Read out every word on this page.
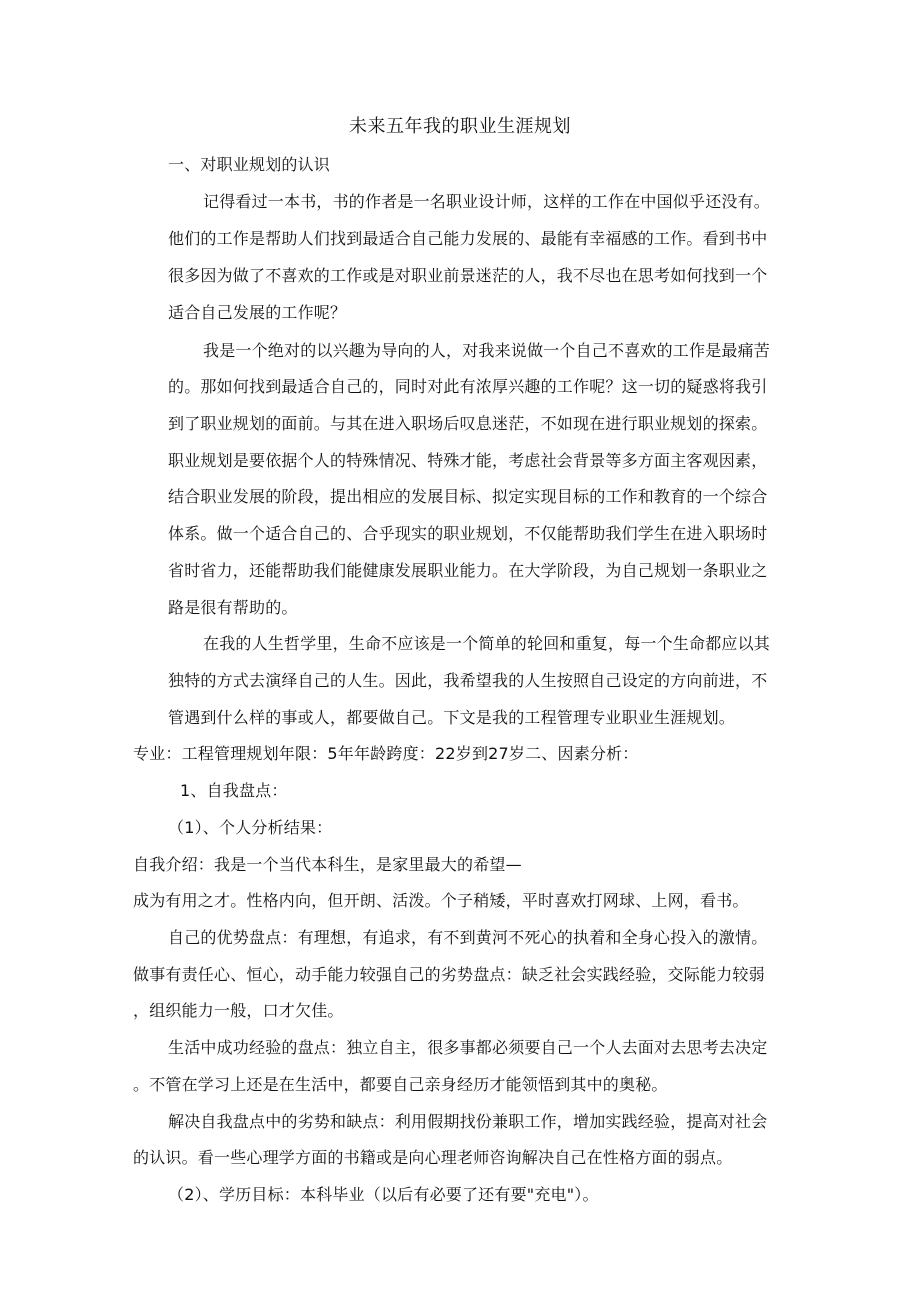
未来五年我的职业生涯规划
一、对职业规划的认识
记得看过一本书，书的作者是一名职业设计师，这样的工作在中国似乎还没有。
他们的工作是帮助人们找到最适合自己能力发展的、最能有幸福感的工作。看到书中
很多因为做了不喜欢的工作或是对职业前景迷茫的人，我不尽也在思考如何找到一个
适合自己发展的工作呢？
我是一个绝对的以兴趣为导向的人，对我来说做一个自己不喜欢的工作是最痛苦
的。那如何找到最适合自己的，同时对此有浓厚兴趣的工作呢？这一切的疑惑将我引
到了职业规划的面前。与其在进入职场后叹息迷茫，不如现在进行职业规划的探索。
职业规划是要依据个人的特殊情况、特殊才能，考虑社会背景等多方面主客观因素，
结合职业发展的阶段，提出相应的发展目标、拟定实现目标的工作和教育的一个综合
体系。做一个适合自己的、合乎现实的职业规划，不仅能帮助我们学生在进入职场时
省时省力，还能帮助我们能健康发展职业能力。在大学阶段，为自己规划一条职业之
路是很有帮助的。
在我的人生哲学里，生命不应该是一个简单的轮回和重复，每一个生命都应以其
独特的方式去演绎自己的人生。因此，我希望我的人生按照自己设定的方向前进，不
管遇到什么样的事或人，都要做自己。下文是我的工程管理专业职业生涯规划。
专业：工程管理规划年限：5年年龄跨度：22岁到27岁二、因素分析：
1、自我盘点：
（1）、个人分析结果：
自我介绍：我是一个当代本科生，是家里最大的希望—
成为有用之才。性格内向，但开朗、活泼。个子稍矮，平时喜欢打网球、上网，看书。
自己的优势盘点：有理想，有追求，有不到黄河不死心的执着和全身心投入的激情。
做事有责任心、恒心，动手能力较强自己的劣势盘点：缺乏社会实践经验，交际能力较弱
，组织能力一般，口才欠佳。
生活中成功经验的盘点：独立自主，很多事都必须要自己一个人去面对去思考去决定
。不管在学习上还是在生活中，都要自己亲身经历才能领悟到其中的奥秘。
解决自我盘点中的劣势和缺点：利用假期找份兼职工作，增加实践经验，提高对社会
的认识。看一些心理学方面的书籍或是向心理老师咨询解决自己在性格方面的弱点。
（2）、学历目标：本科毕业（以后有必要了还有要"充电"）。
